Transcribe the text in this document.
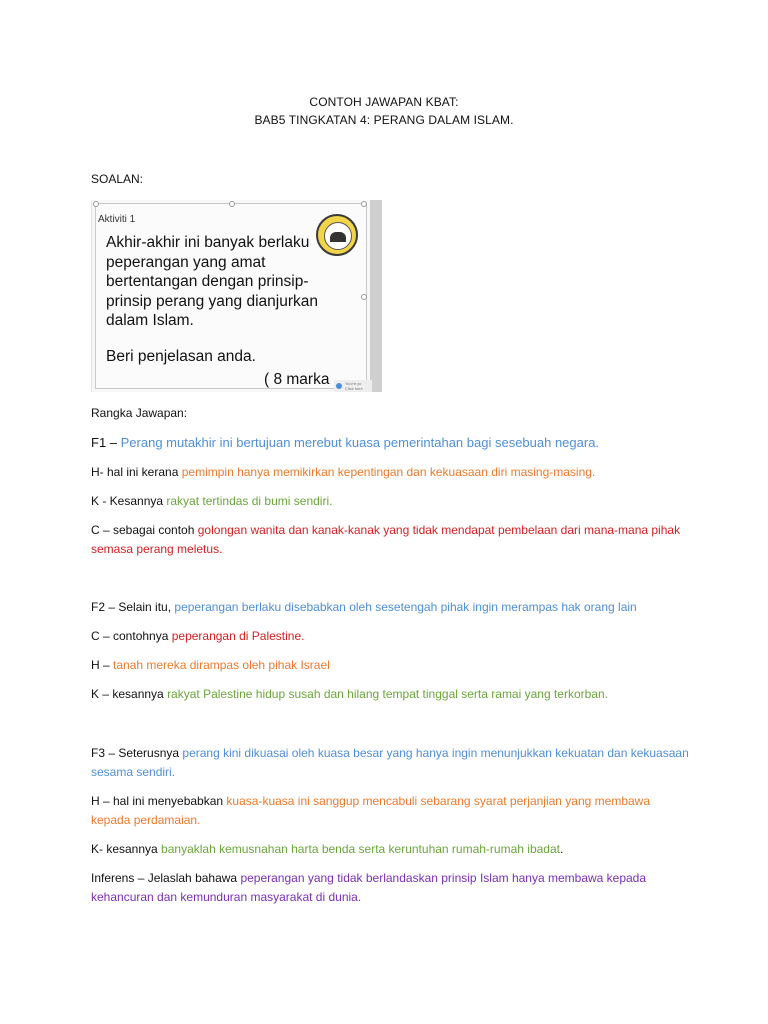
CONTOH JAWAPAN KBAT:
BAB5 TINGKATAN 4: PERANG DALAM ISLAM.
SOALAN:
Aktiviti 1
Akhir-akhir ini banyak berlaku peperangan yang amat bertentangan dengan prinsip-prinsip perang yang dianjurkan dalam Islam.
Beri penjelasan anda.
( 8 marka	You're yo
Click here
Rangka Jawapan:
F1 – Perang mutakhir ini bertujuan merebut kuasa pemerintahan bagi sesebuah negara.
H- hal ini kerana pemimpin hanya memikirkan kepentingan dan kekuasaan diri masing-masing.
K - Kesannya rakyat tertindas di bumi sendiri.
C – sebagai contoh golongan wanita dan kanak-kanak yang tidak mendapat pembelaan dari mana-mana pihak semasa perang meletus.
F2 – Selain itu, peperangan berlaku disebabkan oleh sesetengah pihak ingin merampas hak orang lain
C – contohnya peperangan di Palestine.
H – tanah mereka dirampas oleh pihak Israel
K – kesannya rakyat Palestine hidup susah dan hilang tempat tinggal serta ramai yang terkorban.
F3 – Seterusnya perang kini dikuasai oleh kuasa besar yang hanya ingin menunjukkan kekuatan dan kekuasaan sesama sendiri.
H – hal ini menyebabkan kuasa-kuasa ini sanggup mencabuli sebarang syarat perjanjian yang membawa kepada perdamaian.
K- kesannya banyaklah kemusnahan harta benda serta keruntuhan rumah-rumah ibadat.
Inferens – Jelaslah bahawa peperangan yang tidak berlandaskan prinsip Islam hanya membawa kepada kehancuran dan kemunduran masyarakat di dunia.
